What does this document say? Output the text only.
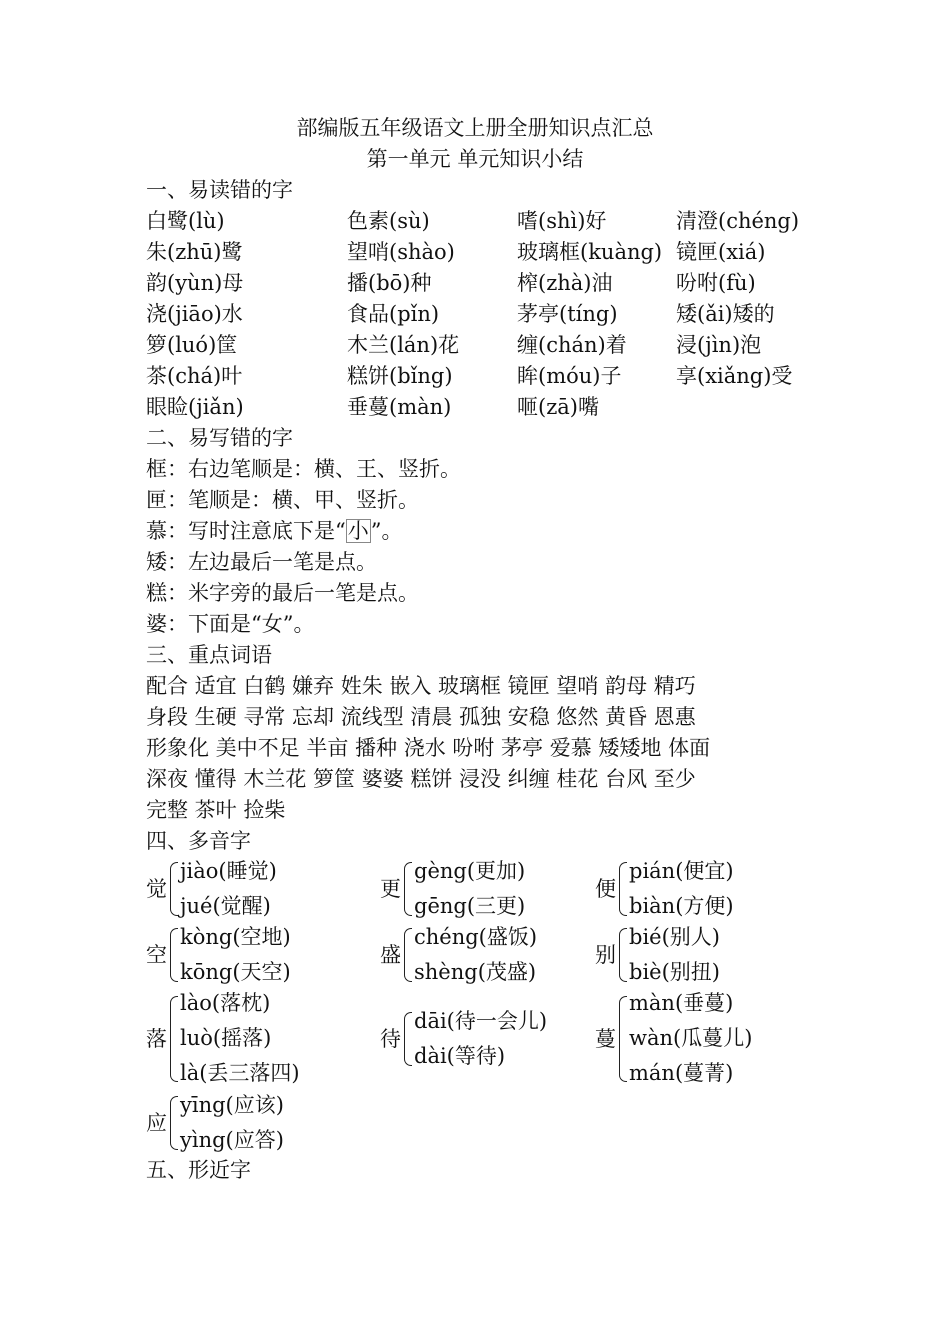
部编版五年级语文上册全册知识点汇总
第一单元 单元知识小结
一、易读错的字
白鹭(lù)	色素(sù)	嗜(shì)好	清澄(chéng)
朱(zhū)鹭	望哨(shào)	玻璃框(kuàng) 镜匣(xiá)
韵(yùn)母	播(bō)种	榨(zhà)油	吩咐(fù)
浇(jiāo)水	食品(pǐn)	茅亭(tíng)	矮(ǎi)矮的
箩(luó)筐	木兰(lán)花	缠(chán)着 浸(jìn)泡
茶(chá)叶	糕饼(bǐng)	眸(móu)子	享(xiǎng)受
眼睑(jiǎn)	垂蔓(màn)	咂(zā)嘴
二、易写错的字
框：右边笔顺是：横、王、竖折。
匣：笔顺是：横、甲、竖折。
慕：写时注意底下是“小”。
矮：左边最后一笔是点。
糕：米字旁的最后一笔是点。
婆：下面是“女”。
三、重点词语
配合 适宜 白鹤 嫌弃 姓朱 嵌入 玻璃框 镜匣 望哨 韵母 精巧
身段 生硬 寻常 忘却 流线型 清晨 孤独 安稳 悠然 黄昏 恩惠
形象化 美中不足 半亩 播种 浇水 吩咐 茅亭 爱慕 矮矮地 体面
深夜 懂得 木兰花 箩筐 婆婆 糕饼 浸没 纠缠 桂花 台风 至少
完整 茶叶 捡柴
四、多音字
觉
jiào(睡觉)
jué(觉醒)
更
gèng(更加)
gēng(三更)
便
pián(便宜)
biàn(方便)
空
kòng(空地)
kōng(天空)
盛
chéng(盛饭)
shèng(茂盛)
别
bié(别人)
biè(别扭)
落
lào(落枕)
luò(摇落)
là(丢三落四)
待
dāi(待一会儿)
dài(等待)
蔓
màn(垂蔓)
wàn(瓜蔓儿)
mán(蔓菁)
应
yīng(应该)
yìng(应答)
五、形近字
